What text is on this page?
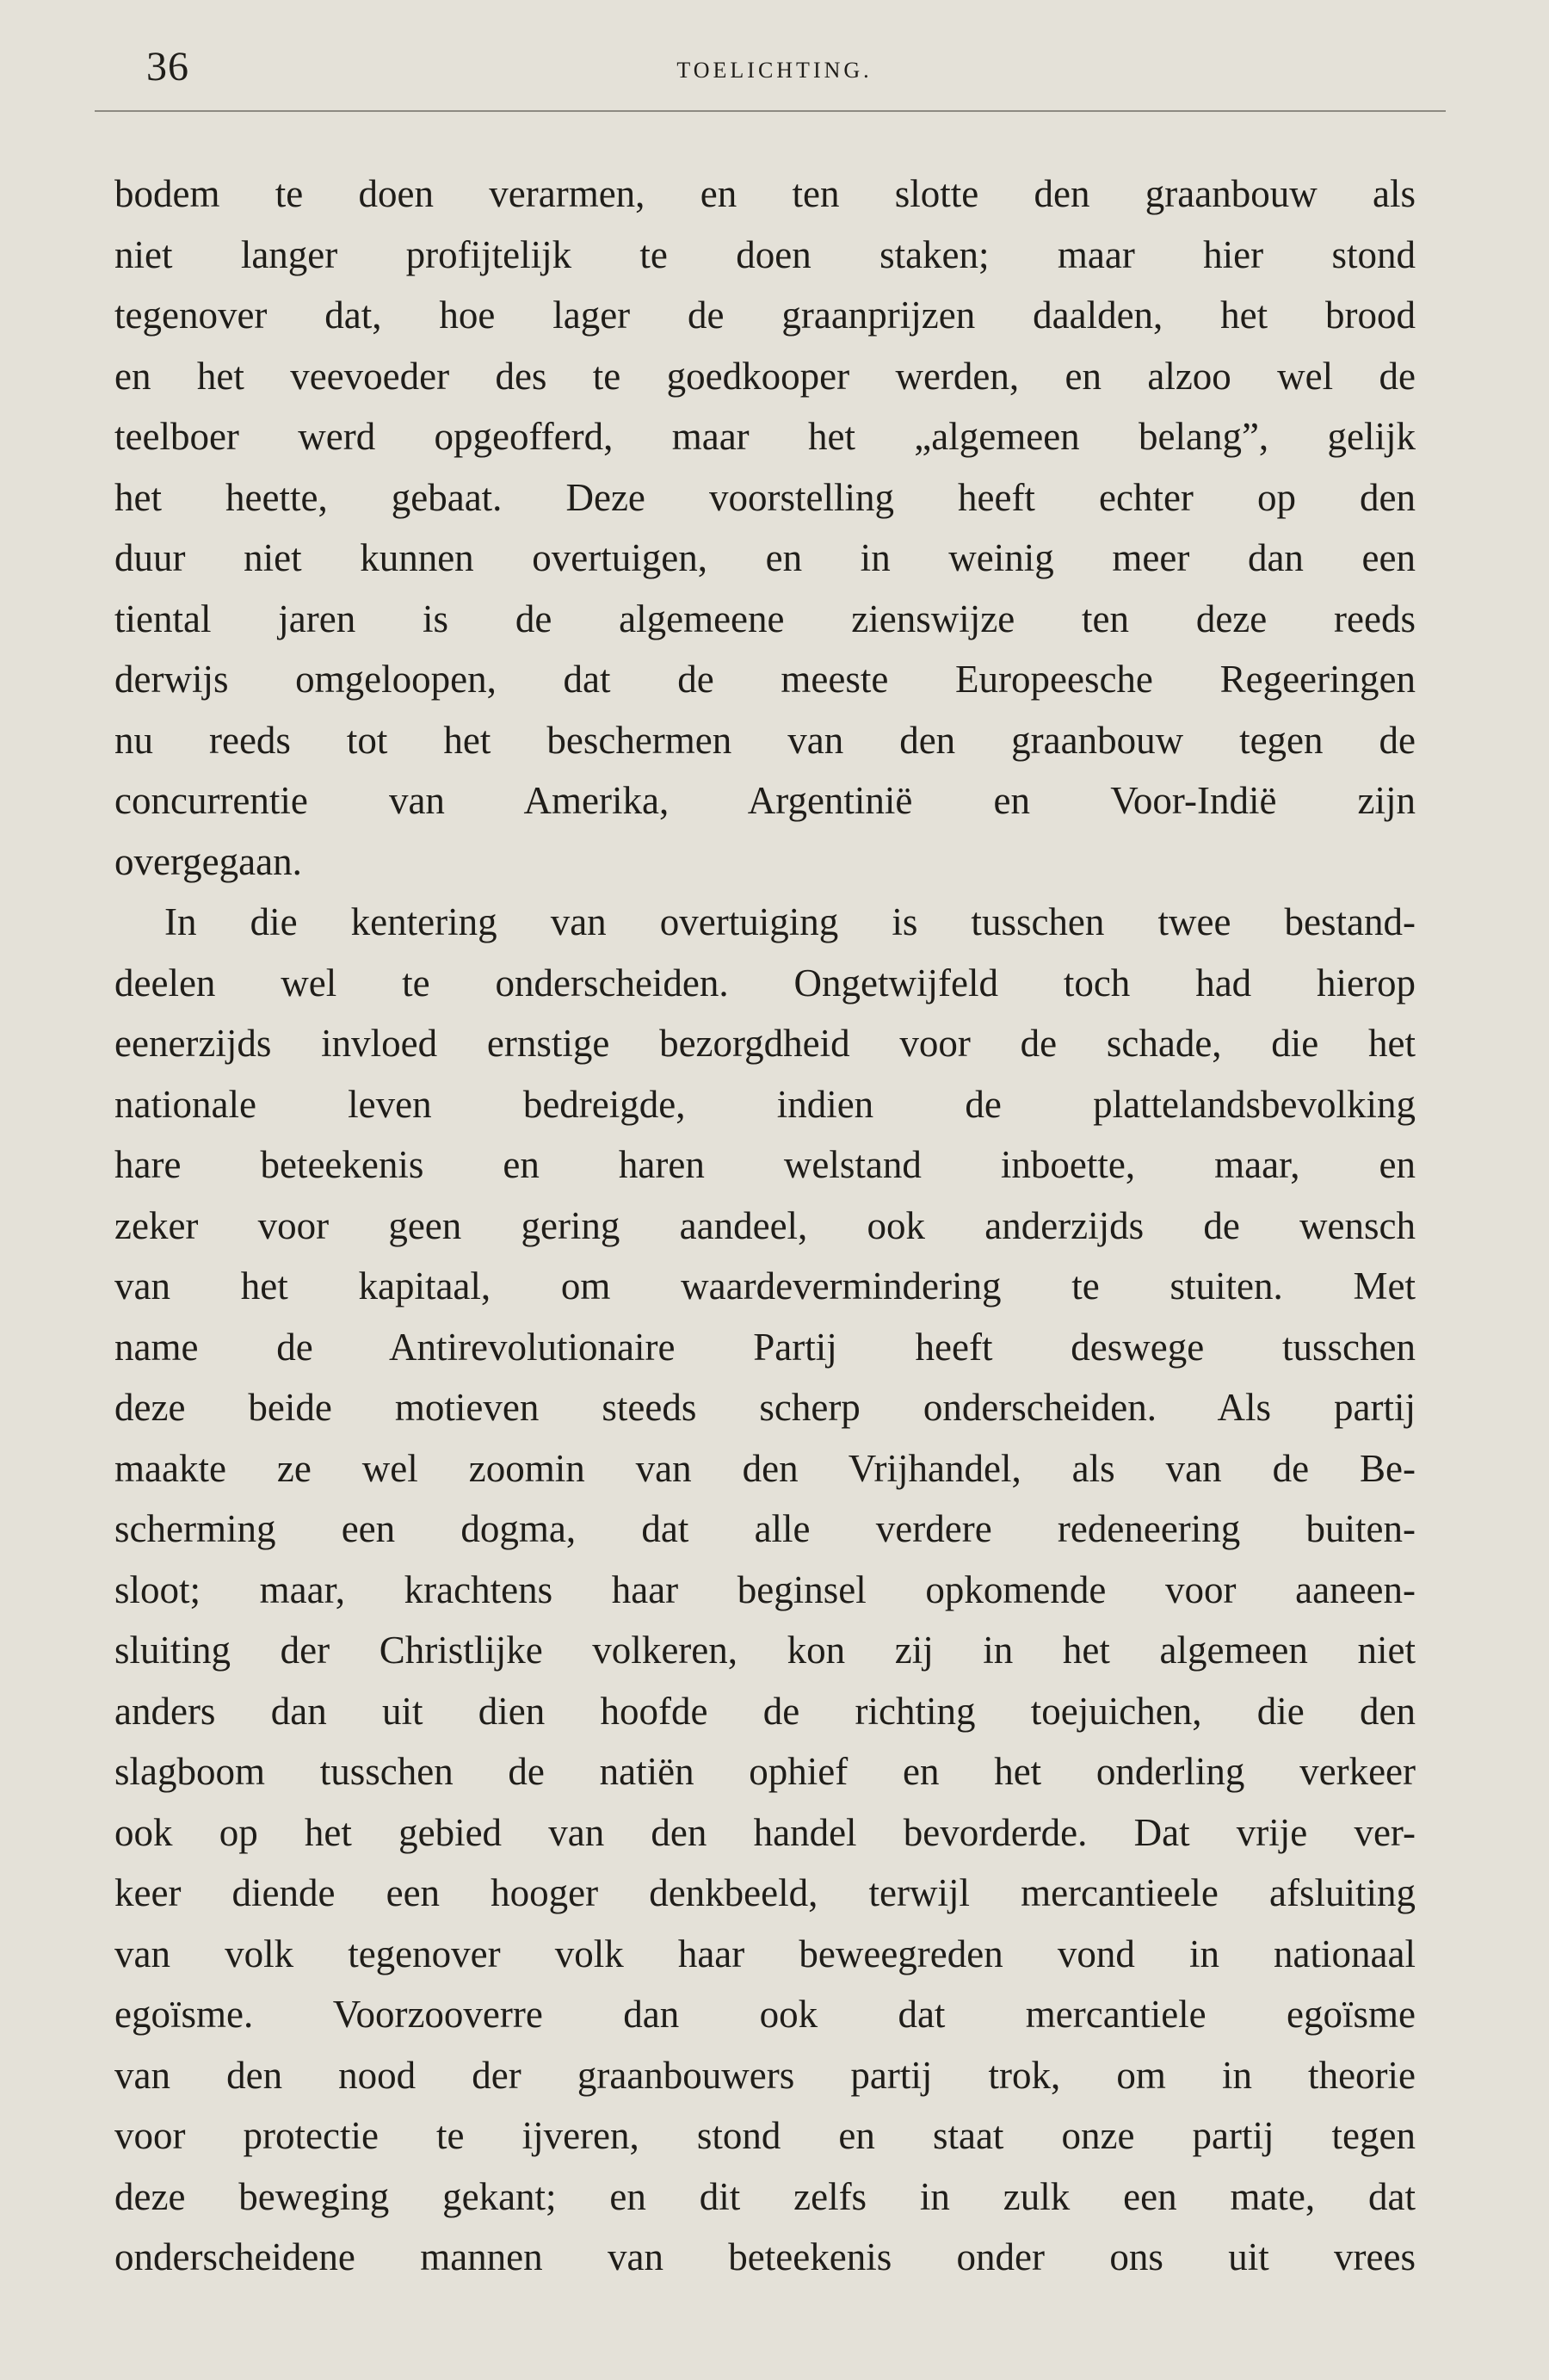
36	TOELICHTING.
bodem te doen verarmen, en ten slotte den graanbouw als
niet langer profijtelijk te doen staken; maar hier stond
tegenover dat, hoe lager de graanprijzen daalden, het brood
en het veevoeder des te goedkooper werden, en alzoo wel de
teelboer werd opgeofferd, maar het „algemeen belang”, gelijk
het heette, gebaat. Deze voorstelling heeft echter op den
duur niet kunnen overtuigen, en in weinig meer dan een
tiental jaren is de algemeene zienswijze ten deze reeds
derwijs omgeloopen, dat de meeste Europeesche Regeeringen
nu reeds tot het beschermen van den graanbouw tegen de
concurrentie van Amerika, Argentinië en Voor-Indië zijn
overgegaan.
In die kentering van overtuiging is tusschen twee bestand-
deelen wel te onderscheiden. Ongetwijfeld toch had hierop
eenerzijds invloed ernstige bezorgdheid voor de schade, die het
nationale leven bedreigde, indien de plattelandsbevolking
hare beteekenis en haren welstand inboette, maar, en
zeker voor geen gering aandeel, ook anderzijds de wensch
van het kapitaal, om waardevermindering te stuiten. Met
name de Antirevolutionaire Partij heeft deswege tusschen
deze beide motieven steeds scherp onderscheiden. Als partij
maakte ze wel zoomin van den Vrijhandel, als van de Be-
scherming een dogma, dat alle verdere redeneering buiten-
sloot; maar, krachtens haar beginsel opkomende voor aaneen-
sluiting der Christlijke volkeren, kon zij in het algemeen niet
anders dan uit dien hoofde de richting toejuichen, die den
slagboom tusschen de natiën ophief en het onderling verkeer
ook op het gebied van den handel bevorderde. Dat vrije ver-
keer diende een hooger denkbeeld, terwijl mercantieele afsluiting
van volk tegenover volk haar beweegreden vond in nationaal
egoïsme. Voorzooverre dan ook dat mercantiele egoïsme
van den nood der graanbouwers partij trok, om in theorie
voor protectie te ijveren, stond en staat onze partij tegen
deze beweging gekant; en dit zelfs in zulk een mate, dat
onderscheidene mannen van beteekenis onder ons uit vrees
